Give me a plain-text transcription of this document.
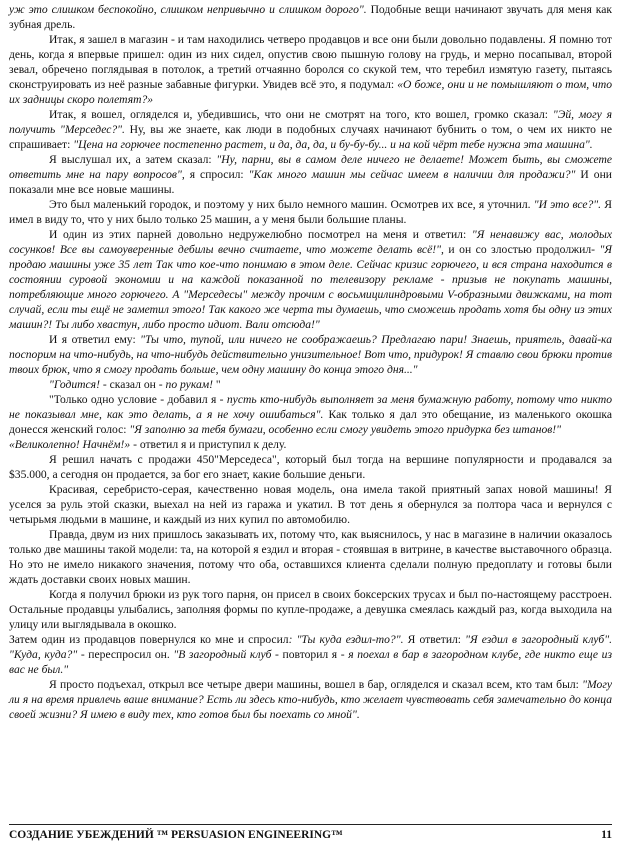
уж это слишком беспокойно, слишком непривычно и слишком дорого". Подобные вещи начинают звучать для меня как зубная дрель.

Итак, я зашел в магазин - и там находились четверо продавцов и все они были довольно подавлены. Я помню тот день, когда я впервые пришел: один из них сидел, опустив свою пышную голову на грудь, и мерно посапывал, второй зевал, обречено поглядывая в потолок, а третий отчаянно боролся со скукой тем, что теребил измятую газету, пытаясь сконструировать из неё разные забавные фигурки. Увидев всё это, я подумал: «О боже, они и не помышляют о том, что их задницы скоро полетят?»

Итак, я вошел, огляделся и, убедившись, что они не смотрят на того, кто вошел, громко сказал: "Эй, могу я получить "Мерседес?". Ну, вы же знаете, как люди в подобных случаях начинают бубнить о том, о чем их никто не спрашивает: "Цена на горючее постепенно растет, и да, да, да, и бу-бу-бу... и на кой чёрт тебе нужна эта машина".

Я выслушал их, а затем сказал: "Ну, парни, вы в самом деле ничего не делаете! Может быть, вы сможете ответить мне на пару вопросов", я спросил: "Как много машин мы сейчас имеем в наличии для продажи?" И они показали мне все новые машины.

Это был маленький городок, и поэтому у них было немного машин. Осмотрев их все, я уточнил. "И это все?". Я имел в виду то, что у них было только 25 машин, а у меня были большие планы.

И один из этих парней довольно недружелюбно посмотрел на меня и ответил: "Я ненавижу вас, молодых сосунков! Все вы самоуверенные дебилы вечно считаете, что можете делать всё!", и он со злостью продолжил- "Я продаю машины уже 35 лет Так что кое-что понимаю в этом деле. Сейчас кризис горючего, и вся страна находится в состоянии суровой экономии и на каждой показанной по телевизору рекламе - призыв не покупать машины, потребляющие много горючего. А "Мерседесы" между прочим с восьмицилиндровыми V-образными движками, на тот случай, если ты ещё не заметил этого! Так какого же черта ты думаешь, что сможешь продать хотя бы одну из этих машин?! Ты либо хвастун, либо просто идиот. Вали отсюда!"

И я ответил ему: "Ты что, тупой, или ничего не соображаешь? Предлагаю пари! Знаешь, приятель, давай-ка поспорим на что-нибудь, на что-нибудь действительно унизительное! Вот что, придурок! Я ставлю свои брюки против твоих брюк, что я смогу продать больше, чем одну машину до конца этого дня..."

"Годится! - сказал он - по рукам! "

"Только одно условие - добавил я - пусть кто-нибудь выполняет за меня бумажную работу, потому что никто не показывал мне, как это делать, а я не хочу ошибаться". Как только я дал это обещание, из маленького окошка донесся женский голос: "Я заполню за тебя бумаги, особенно если смогу увидеть этого придурка без штанов!"

«Великолепно! Начнём!» - ответил я и приступил к делу.

Я решил начать с продажи 450"Мерседеса", который был тогда на вершине популярности и продавался за $35.000, а сегодня он продается, за бог его знает, какие большие деньги.

Красивая, серебристо-серая, качественно новая модель, она имела такой приятный запах новой машины! Я уселся за руль этой сказки, выехал на ней из гаража и укатил. В тот день я обернулся за полтора часа и вернулся с четырьмя людьми в машине, и каждый из них купил по автомобилю.

Правда, двум из них пришлось заказывать их, потому что, как выяснилось, у нас в магазине в наличии оказалось только две машины такой модели: та, на которой я ездил и вторая - стоявшая в витрине, в качестве выставочного образца. Но это не имело никакого значения, потому что оба, оставшихся клиента сделали полную предоплату и готовы были ждать доставки своих новых машин.

Когда я получил брюки из рук того парня, он присел в своих боксерских трусах и был по-настоящему расстроен. Остальные продавцы улыбались, заполняя формы по купле-продаже, а девушка смеялась каждый раз, когда выходила на улицу или выглядывала в окошко.

Затем один из продавцов повернулся ко мне и спросил: "Ты куда ездил-то?". Я ответил: "Я ездил в загородный клуб". "Куда, куда?" - переспросил он. "В загородный клуб - повторил я - я поехал в бар в загородном клубе, где никто еще из вас не был."

Я просто подъехал, открыл все четыре двери машины, вошел в бар, огляделся и сказал всем, кто там был: "Могу ли я на время привлечь ваше внимание? Есть ли здесь кто-нибудь, кто желает чувствовать себя замечательно до конца своей жизни? Я имею в виду тех, кто готов был бы поехать со мной".

СОЗДАНИЕ УБЕЖДЕНИЙ ™ PERSUASION ENGINEERING™	11
